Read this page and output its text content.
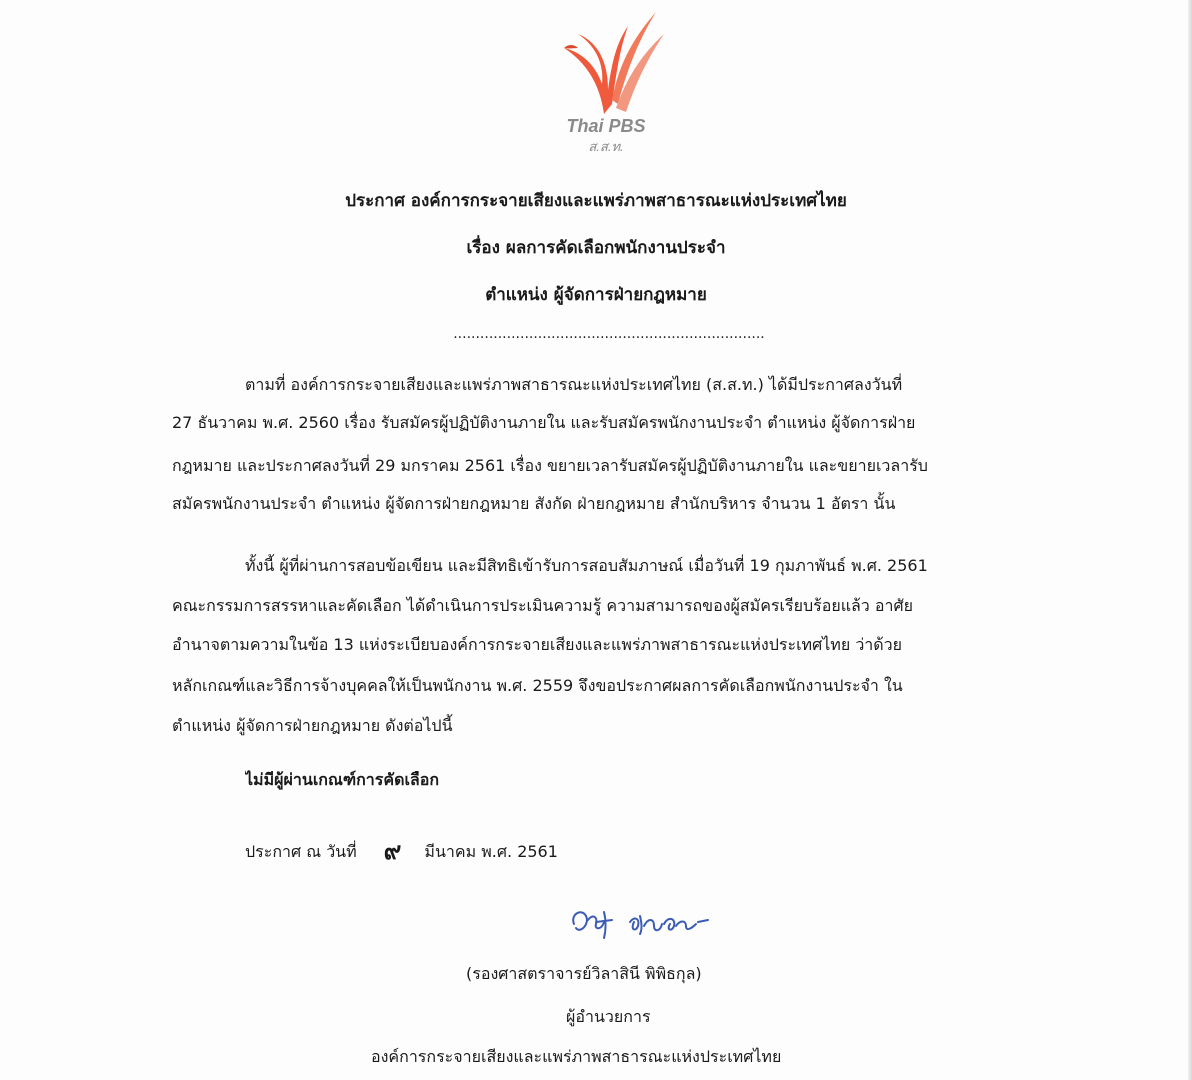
Thai PBS
ส.ส.ท.
ประกาศ องค์การกระจายเสียงและแพร่ภาพสาธารณะแห่งประเทศไทย
เรื่อง ผลการคัดเลือกพนักงานประจำ
ตำแหน่ง ผู้จัดการฝ่ายกฎหมาย
......................................................................
ตามที่ องค์การกระจายเสียงและแพร่ภาพสาธารณะแห่งประเทศไทย (ส.ส.ท.) ได้มีประกาศลงวันที่
27 ธันวาคม พ.ศ. 2560 เรื่อง รับสมัครผู้ปฏิบัติงานภายใน และรับสมัครพนักงานประจำ ตำแหน่ง ผู้จัดการฝ่าย
กฎหมาย และประกาศลงวันที่ 29 มกราคม 2561 เรื่อง ขยายเวลารับสมัครผู้ปฏิบัติงานภายใน และขยายเวลารับ
สมัครพนักงานประจำ ตำแหน่ง ผู้จัดการฝ่ายกฎหมาย สังกัด ฝ่ายกฎหมาย สำนักบริหาร จำนวน 1 อัตรา นั้น
ทั้งนี้ ผู้ที่ผ่านการสอบข้อเขียน และมีสิทธิเข้ารับการสอบสัมภาษณ์ เมื่อวันที่ 19 กุมภาพันธ์ พ.ศ. 2561
คณะกรรมการสรรหาและคัดเลือก ได้ดำเนินการประเมินความรู้ ความสามารถของผู้สมัครเรียบร้อยแล้ว อาศัย
อำนาจตามความในข้อ 13 แห่งระเบียบองค์การกระจายเสียงและแพร่ภาพสาธารณะแห่งประเทศไทย ว่าด้วย
หลักเกณฑ์และวิธีการจ้างบุคคลให้เป็นพนักงาน พ.ศ. 2559 จึงขอประกาศผลการคัดเลือกพนักงานประจำ ใน
ตำแหน่ง ผู้จัดการฝ่ายกฎหมาย ดังต่อไปนี้
ไม่มีผู้ผ่านเกณฑ์การคัดเลือก
ประกาศ ณ วันที่ ๙ มีนาคม พ.ศ. 2561
(รองศาสตราจารย์วิลาสินี พิพิธกุล)
ผู้อำนวยการ
องค์การกระจายเสียงและแพร่ภาพสาธารณะแห่งประเทศไทย
